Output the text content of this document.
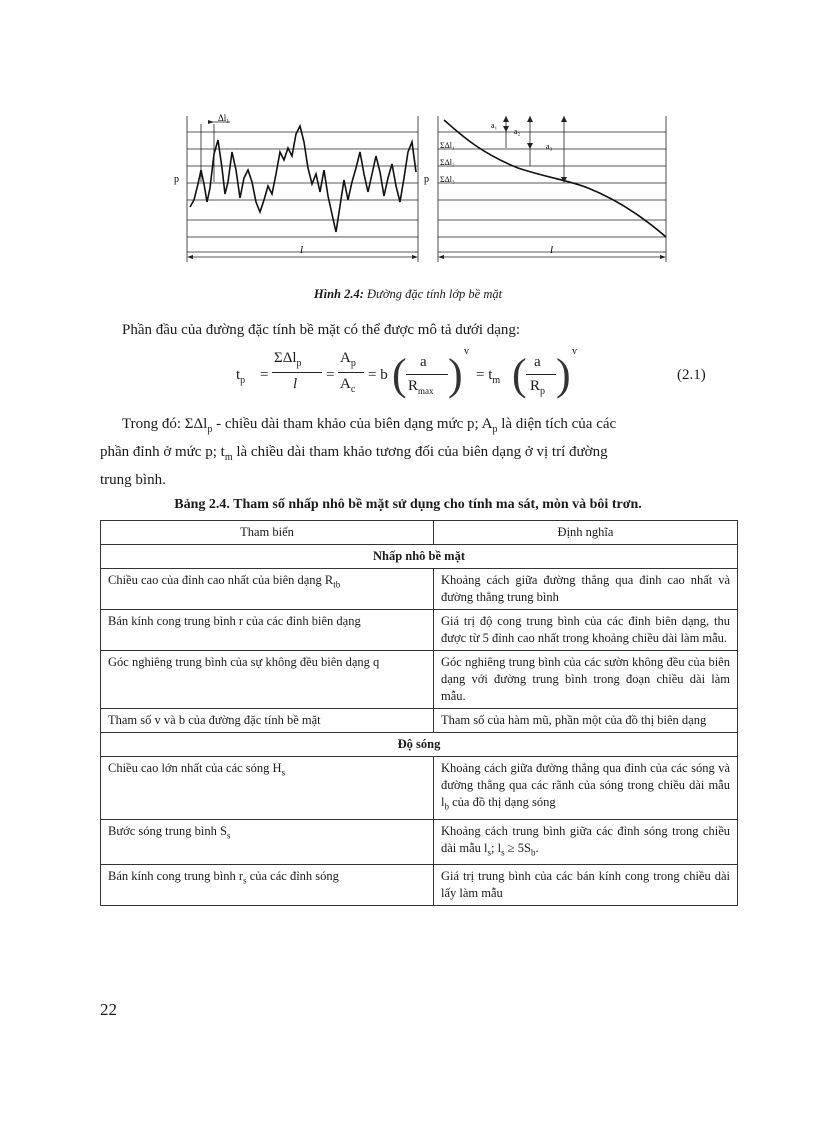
Δl₁
p
l
a₁
a₂
a₃
ΣΔl₁
ΣΔl₂
ΣΔl₃
p
l
Hình 2.4: Đường đặc tính lớp bề mặt
Phần đầu của đường đặc tính bề mặt có thể được mô tả dưới dạng:
$t_p$ =
ΣΔl$_p$
l
=
$A_p$
$A_c$
= b ( a
$R_{max}$ ) v
= $t_m$ ( a
$R_p$ ) v
(2.1)
Trong đó: ΣΔl$_p$ - chiều dài tham khảo của biên dạng mức p; $A_p$ là diện tích của các
phần đỉnh ở mức p; $t_m$ là chiều dài tham khảo tương đối của biên dạng ở vị trí đường
trung bình.
Bảng 2.4. Tham số nhấp nhô bề mặt sử dụng cho tính ma sát, mòn và bôi trơn.
Tham biến	Định nghĩa
Nhấp nhô bề mặt	
Chiều cao của đỉnh cao nhất của biên dạng $R_{tb}$	Khoảng cách giữa đường thẳng qua đỉnh cao nhất và đường thẳng trung bình
Bán kính cong trung bình r của các đỉnh biên dạng	Giá trị độ cong trung bình của các đỉnh biên dạng, thu được từ 5 đỉnh cao nhất trong khoảng chiều dài làm mẫu.
Góc nghiêng trung bình của sự không đều biên dạng q	Góc nghiêng trung bình của các sườn không đều của biên dạng với đường trung bình trong đoạn chiều dài làm mẫu.
Tham số v và b của đường đặc tính bề mặt	Tham số của hàm mũ, phần một của đồ thị biên dạng
Độ sóng	
Chiều cao lớn nhất của các sóng $H_s$	Khoảng cách giữa đường thẳng qua đỉnh của các sóng và đường thẳng qua các rãnh của sóng trong chiều dài mẫu $l_b$ của đồ thị dạng sóng
Bước sóng trung bình $S_s$	Khoảng cách trung bình giữa các đỉnh sóng trong chiều dài mẫu $l_s$; $l_s \ge 5S_b$.
Bán kính cong trung bình $r_s$ của các đỉnh sóng	Giá trị trung bình của các bán kính cong trong chiều dài lấy làm mẫu
22
